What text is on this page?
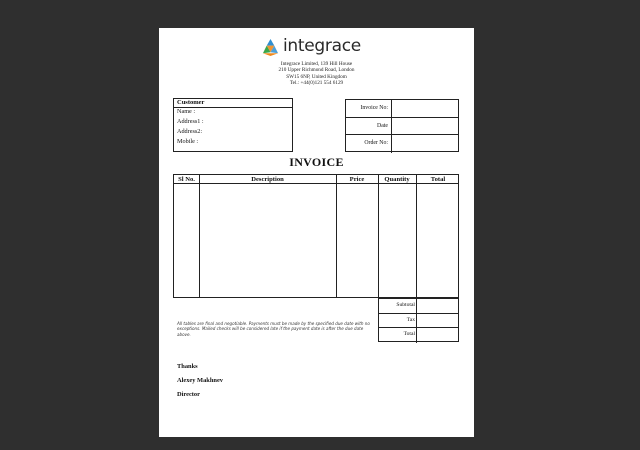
integrace
Integrace Limited, 139 Hill House
210 Upper Richmond Road, London
SW15 6NP, United Kingdom
Tel.: +44(0)121 554 6129
Customer
Name :
Address1 :
Address2:
Mobile :
Invoice No:
Date
Order No:
INVOICE
Sl No.	Description	Price	Quantity	Total
Subtotal
Tax
Total
All tables are final and negotiable. Payments must be made by the specified due date with no exceptions. Mailed checks will be considered late if the payment date is after the due date above.
Thanks
Alexey Makhnev
Director
